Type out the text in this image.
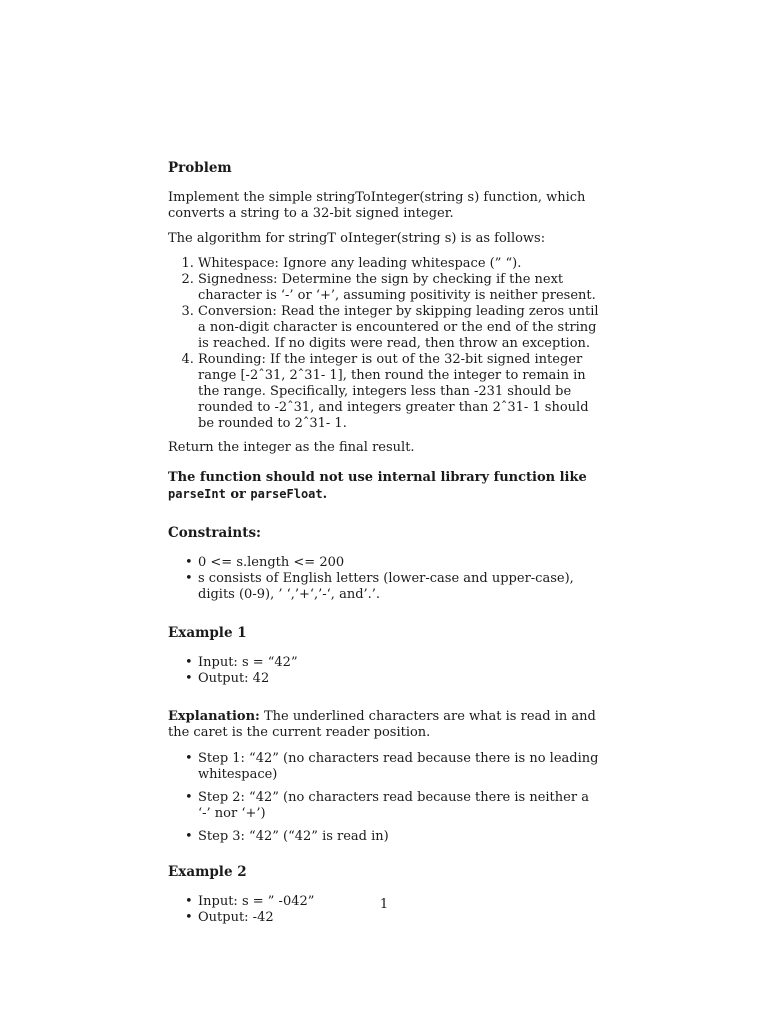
Problem

Implement the simple stringToInteger(string s) function, which converts a string to a 32-bit signed integer.

The algorithm for stringT oInteger(string s) is as follows:

1. Whitespace: Ignore any leading whitespace (” “).
2. Signedness: Determine the sign by checking if the next character is ‘-’ or ‘+’, assuming positivity is neither present.
3. Conversion: Read the integer by skipping leading zeros until a non-digit character is encountered or the end of the string is reached. If no digits were read, then throw an exception.
4. Rounding: If the integer is out of the 32-bit signed integer range [-2ˆ31, 2ˆ31- 1], then round the integer to remain in the range. Specifically, integers less than -231 should be rounded to -2ˆ31, and integers greater than 2ˆ31- 1 should be rounded to 2ˆ31- 1.

Return the integer as the final result.

The function should not use internal library function like parseInt or parseFloat.

Constraints:
• 0 <= s.length <= 200
• s consists of English letters (lower-case and upper-case), digits (0-9), ’ ‘,’+‘,’-‘, and’.’.
Example 1
• Input: s = “42”
• Output: 42

Explanation: The underlined characters are what is read in and the caret is the current reader position.

• Step 1: “42” (no characters read because there is no leading whitespace)
• Step 2: “42” (no characters read because there is neither a ‘-’ nor ‘+’)
• Step 3: “42” (“42” is read in)
Example 2
• Input: s = ” -042”
• Output: -42
1
